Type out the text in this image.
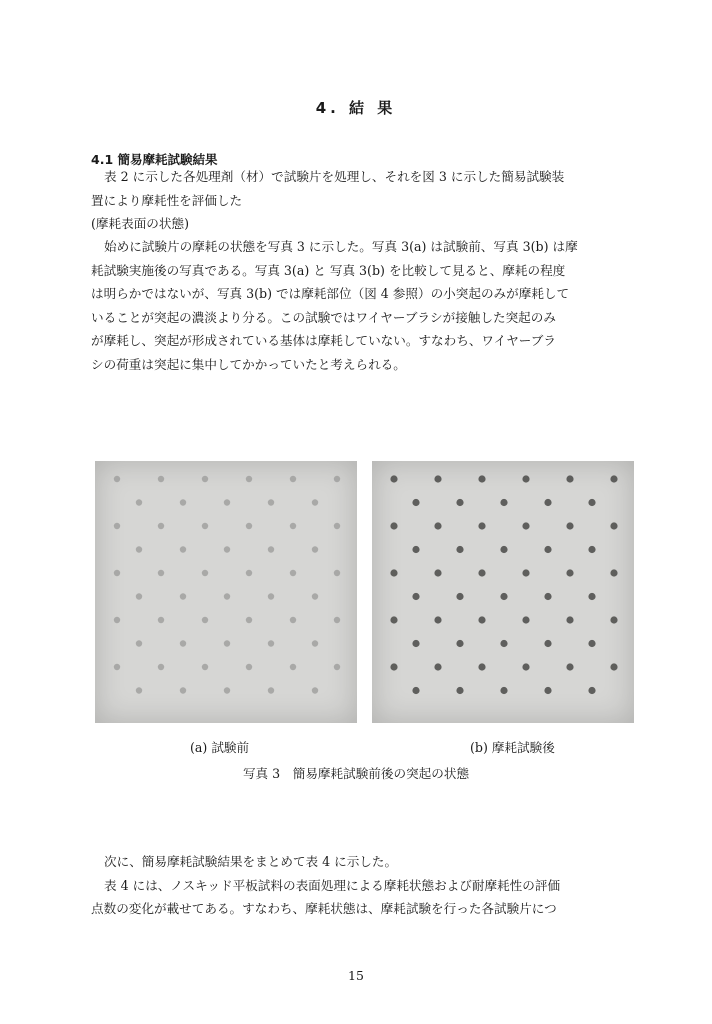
4. 結 果
4.1 簡易摩耗試験結果
表 2 に示した各処理剤（材）で試験片を処理し、それを図 3 に示した簡易試験装
置により摩耗性を評価した
(摩耗表面の状態)
始めに試験片の摩耗の状態を写真 3 に示した。写真 3(a) は試験前、写真 3(b) は摩
耗試験実施後の写真である。写真 3(a) と 写真 3(b) を比較して見ると、摩耗の程度
は明らかではないが、写真 3(b) では摩耗部位（図 4 参照）の小突起のみが摩耗して
いることが突起の濃淡より分る。この試験ではワイヤーブラシが接触した突起のみ
が摩耗し、突起が形成されている基体は摩耗していない。すなわち、ワイヤーブラ
シの荷重は突起に集中してかかっていたと考えられる。
(a) 試験前	(b) 摩耗試験後
写真 3　簡易摩耗試験前後の突起の状態
次に、簡易摩耗試験結果をまとめて表 4 に示した。
表 4 には、ノスキッド平板試料の表面処理による摩耗状態および耐摩耗性の評価
点数の変化が載せてある。すなわち、摩耗状態は、摩耗試験を行った各試験片につ
15
